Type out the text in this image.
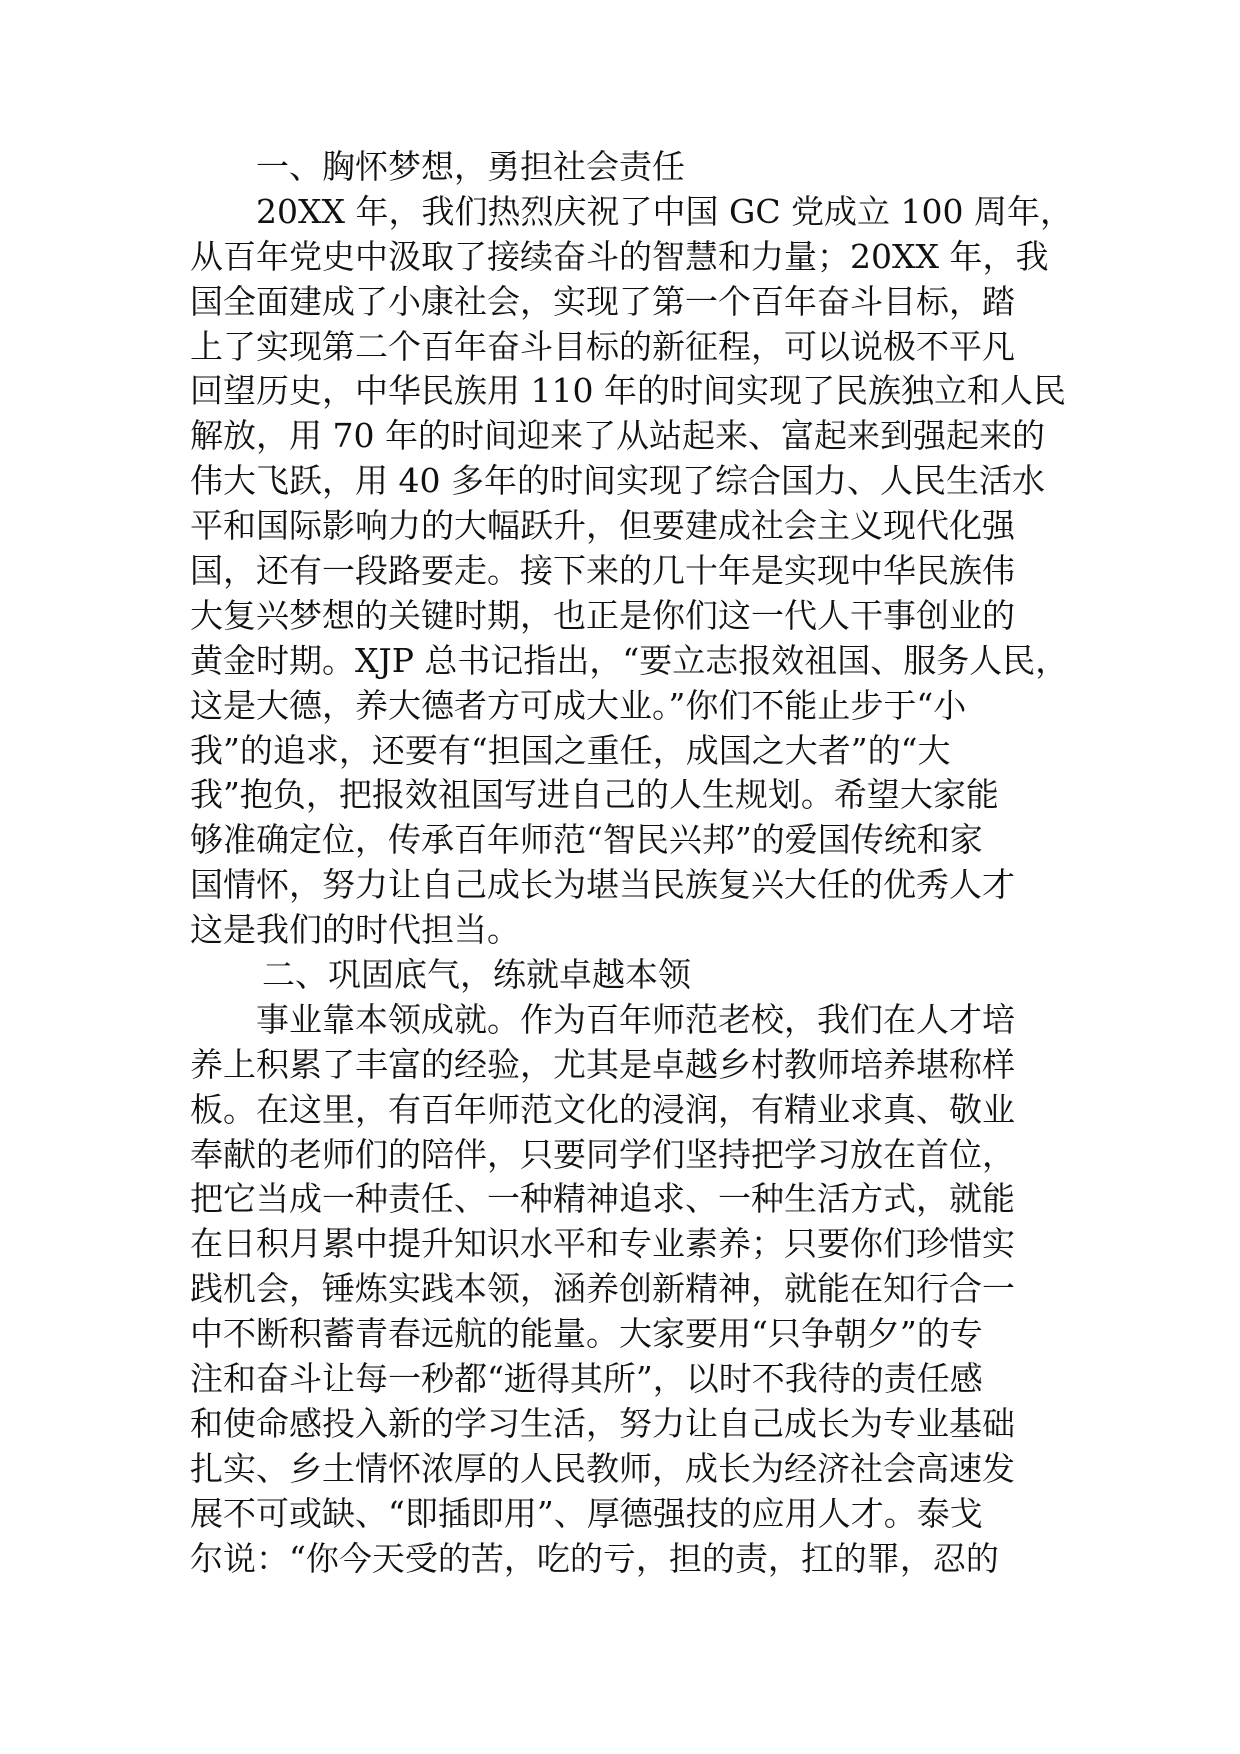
一、胸怀梦想，勇担社会责任
20XX 年，我们热烈庆祝了中国 GC 党成立 100 周年，
从百年党史中汲取了接续奋斗的智慧和力量；20XX 年，我
国全面建成了小康社会，实现了第一个百年奋斗目标，踏
上了实现第二个百年奋斗目标的新征程，可以说极不平凡
回望历史，中华民族用 110 年的时间实现了民族独立和人民
解放，用 70 年的时间迎来了从站起来、富起来到强起来的
伟大飞跃，用 40 多年的时间实现了综合国力、人民生活水
平和国际影响力的大幅跃升，但要建成社会主义现代化强
国，还有一段路要走。接下来的几十年是实现中华民族伟
大复兴梦想的关键时期，也正是你们这一代人干事创业的
黄金时期。XJP 总书记指出，“要立志报效祖国、服务人民，
这是大德，养大德者方可成大业。”你们不能止步于“小
我”的追求，还要有“担国之重任，成国之大者”的“大
我”抱负，把报效祖国写进自己的人生规划。希望大家能
够准确定位，传承百年师范“智民兴邦”的爱国传统和家
国情怀，努力让自己成长为堪当民族复兴大任的优秀人才
这是我们的时代担当。
二、巩固底气，练就卓越本领
事业靠本领成就。作为百年师范老校，我们在人才培
养上积累了丰富的经验，尤其是卓越乡村教师培养堪称样
板。在这里，有百年师范文化的浸润，有精业求真、敬业
奉献的老师们的陪伴，只要同学们坚持把学习放在首位，
把它当成一种责任、一种精神追求、一种生活方式，就能
在日积月累中提升知识水平和专业素养；只要你们珍惜实
践机会，锤炼实践本领，涵养创新精神，就能在知行合一
中不断积蓄青春远航的能量。大家要用“只争朝夕”的专
注和奋斗让每一秒都“逝得其所”，以时不我待的责任感
和使命感投入新的学习生活，努力让自己成长为专业基础
扎实、乡土情怀浓厚的人民教师，成长为经济社会高速发
展不可或缺、“即插即用”、厚德强技的应用人才。泰戈
尔说：“你今天受的苦，吃的亏，担的责，扛的罪，忍的
